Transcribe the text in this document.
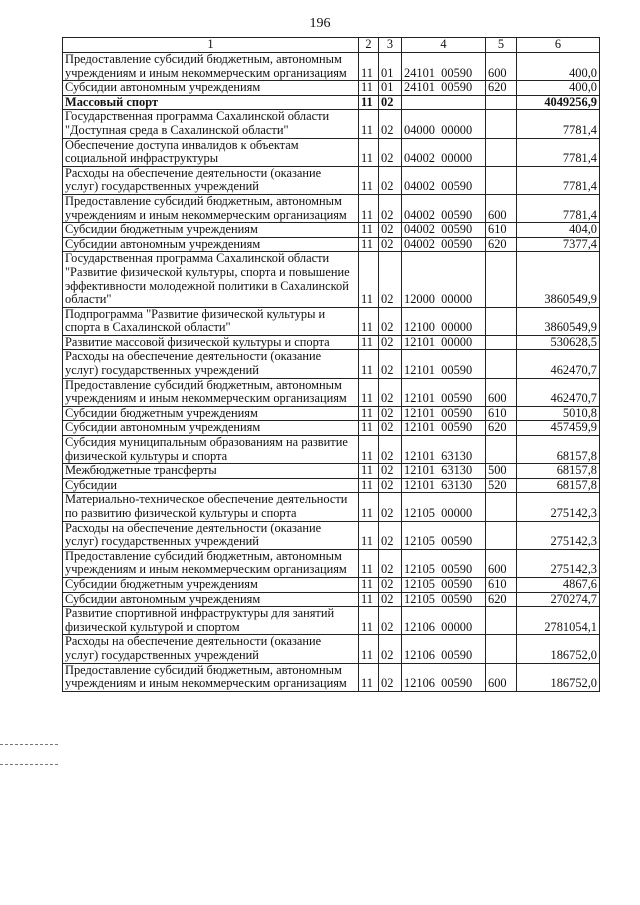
196
1	2	3	4	5	6
Предоставление субсидий бюджетным, автономным учреждениям и иным некоммерческим организациям	11	01	24101  00590	600	400,0
Субсидии автономным учреждениям	11	01	24101  00590	620	400,0
Массовый спорт	11	02			4049256,9
Государственная программа Сахалинской области "Доступная среда в Сахалинской области"	11	02	04000  00000		7781,4
Обеспечение доступа инвалидов к объектам социальной инфраструктуры	11	02	04002  00000		7781,4
Расходы на обеспечение деятельности (оказание услуг) государственных учреждений	11	02	04002  00590		7781,4
Предоставление субсидий бюджетным, автономным учреждениям и иным некоммерческим организациям	11	02	04002  00590	600	7781,4
Субсидии бюджетным учреждениям	11	02	04002  00590	610	404,0
Субсидии автономным учреждениям	11	02	04002  00590	620	7377,4
Государственная программа Сахалинской области "Развитие физической культуры, спорта и повышение эффективности молодежной политики в Сахалинской области"	11	02	12000  00000		3860549,9
Подпрограмма "Развитие физической культуры и спорта в Сахалинской области"	11	02	12100  00000		3860549,9
Развитие массовой физической культуры и спорта	11	02	12101  00000		530628,5
Расходы на обеспечение деятельности (оказание услуг) государственных учреждений	11	02	12101  00590		462470,7
Предоставление субсидий бюджетным, автономным учреждениям и иным некоммерческим организациям	11	02	12101  00590	600	462470,7
Субсидии бюджетным учреждениям	11	02	12101  00590	610	5010,8
Субсидии автономным учреждениям	11	02	12101  00590	620	457459,9
Субсидия муниципальным образованиям на развитие физической культуры и спорта	11	02	12101  63130		68157,8
Межбюджетные трансферты	11	02	12101  63130	500	68157,8
Субсидии	11	02	12101  63130	520	68157,8
Материально-техническое обеспечение деятельности по развитию физической культуры и спорта	11	02	12105  00000		275142,3
Расходы на обеспечение деятельности (оказание услуг) государственных учреждений	11	02	12105  00590		275142,3
Предоставление субсидий бюджетным, автономным учреждениям и иным некоммерческим организациям	11	02	12105  00590	600	275142,3
Субсидии бюджетным учреждениям	11	02	12105  00590	610	4867,6
Субсидии автономным учреждениям	11	02	12105  00590	620	270274,7
Развитие спортивной инфраструктуры для занятий физической культурой и спортом	11	02	12106  00000		2781054,1
Расходы на обеспечение деятельности (оказание услуг) государственных учреждений	11	02	12106  00590		186752,0
Предоставление субсидий бюджетным, автономным учреждениям и иным некоммерческим организациям	11	02	12106  00590	600	186752,0
